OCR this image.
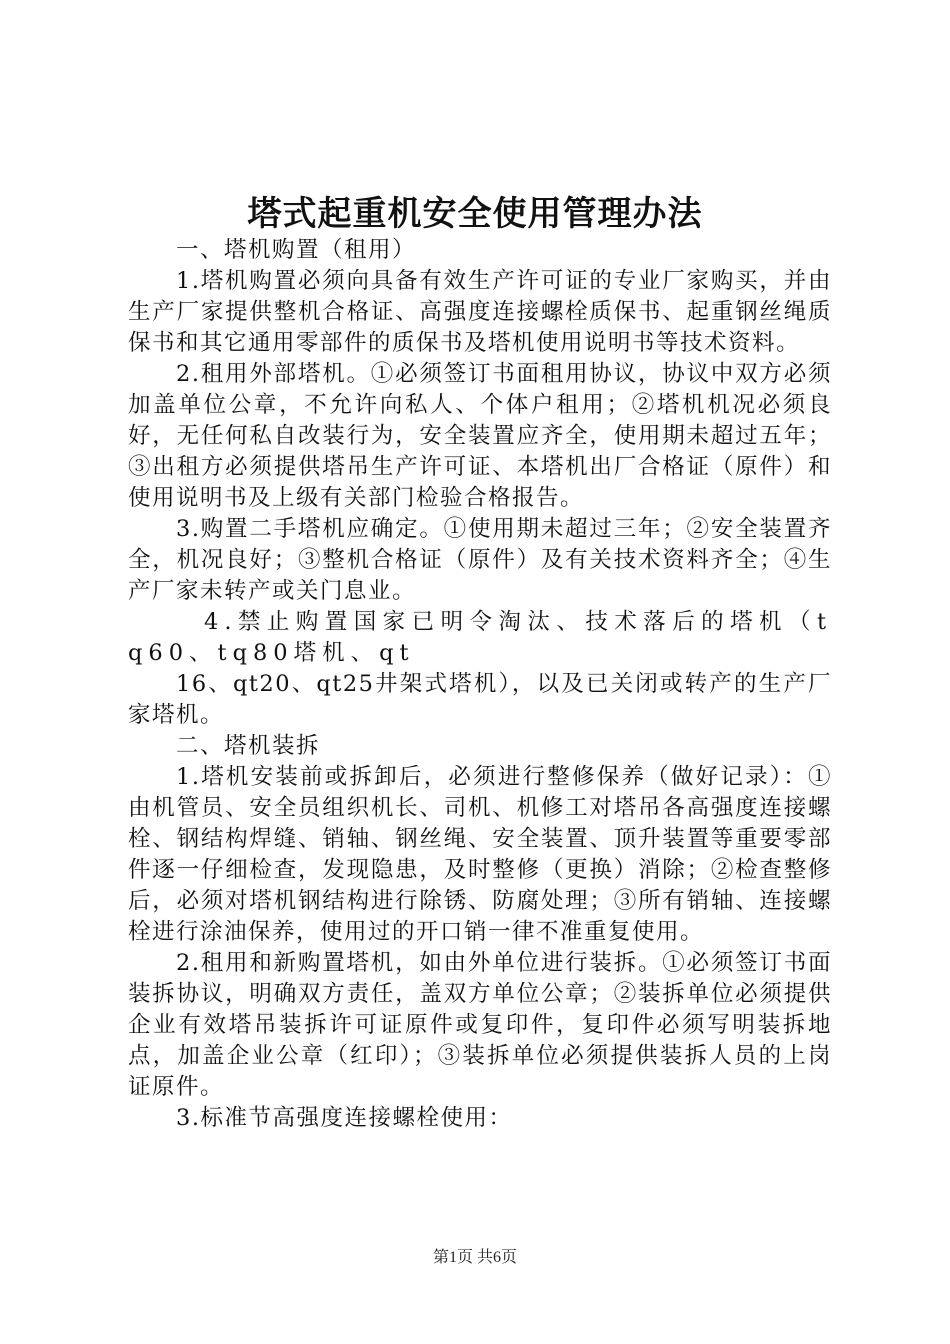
塔式起重机安全使用管理办法

一、塔机购置（租用）

1.塔机购置必须向具备有效生产许可证的专业厂家购买，并由生产厂家提供整机合格证、高强度连接螺栓质保书、起重钢丝绳质保书和其它通用零部件的质保书及塔机使用说明书等技术资料。

2.租用外部塔机。①必须签订书面租用协议，协议中双方必须加盖单位公章，不允许向私人、个体户租用；②塔机机况必须良好，无任何私自改装行为，安全装置应齐全，使用期未超过五年；③出租方必须提供塔吊生产许可证、本塔机出厂合格证（原件）和使用说明书及上级有关部门检验合格报告。

3.购置二手塔机应确定。①使用期未超过三年；②安全装置齐全，机况良好；③整机合格证（原件）及有关技术资料齐全；④生产厂家未转产或关门息业。

4.禁止购置国家已明令淘汰、技术落后的塔机（tq60、tq80塔机、qt

16、qt20、qt25井架式塔机），以及已关闭或转产的生产厂家塔机。

二、塔机装拆

1.塔机安装前或拆卸后，必须进行整修保养（做好记录）：①由机管员、安全员组织机长、司机、机修工对塔吊各高强度连接螺栓、钢结构焊缝、销轴、钢丝绳、安全装置、顶升装置等重要零部件逐一仔细检查，发现隐患，及时整修（更换）消除；②检查整修后，必须对塔机钢结构进行除锈、防腐处理；③所有销轴、连接螺栓进行涂油保养，使用过的开口销一律不准重复使用。

2.租用和新购置塔机，如由外单位进行装拆。①必须签订书面装拆协议，明确双方责任，盖双方单位公章；②装拆单位必须提供企业有效塔吊装拆许可证原件或复印件，复印件必须写明装拆地点，加盖企业公章（红印）；③装拆单位必须提供装拆人员的上岗证原件。

3.标准节高强度连接螺栓使用：

第1页 共6页
